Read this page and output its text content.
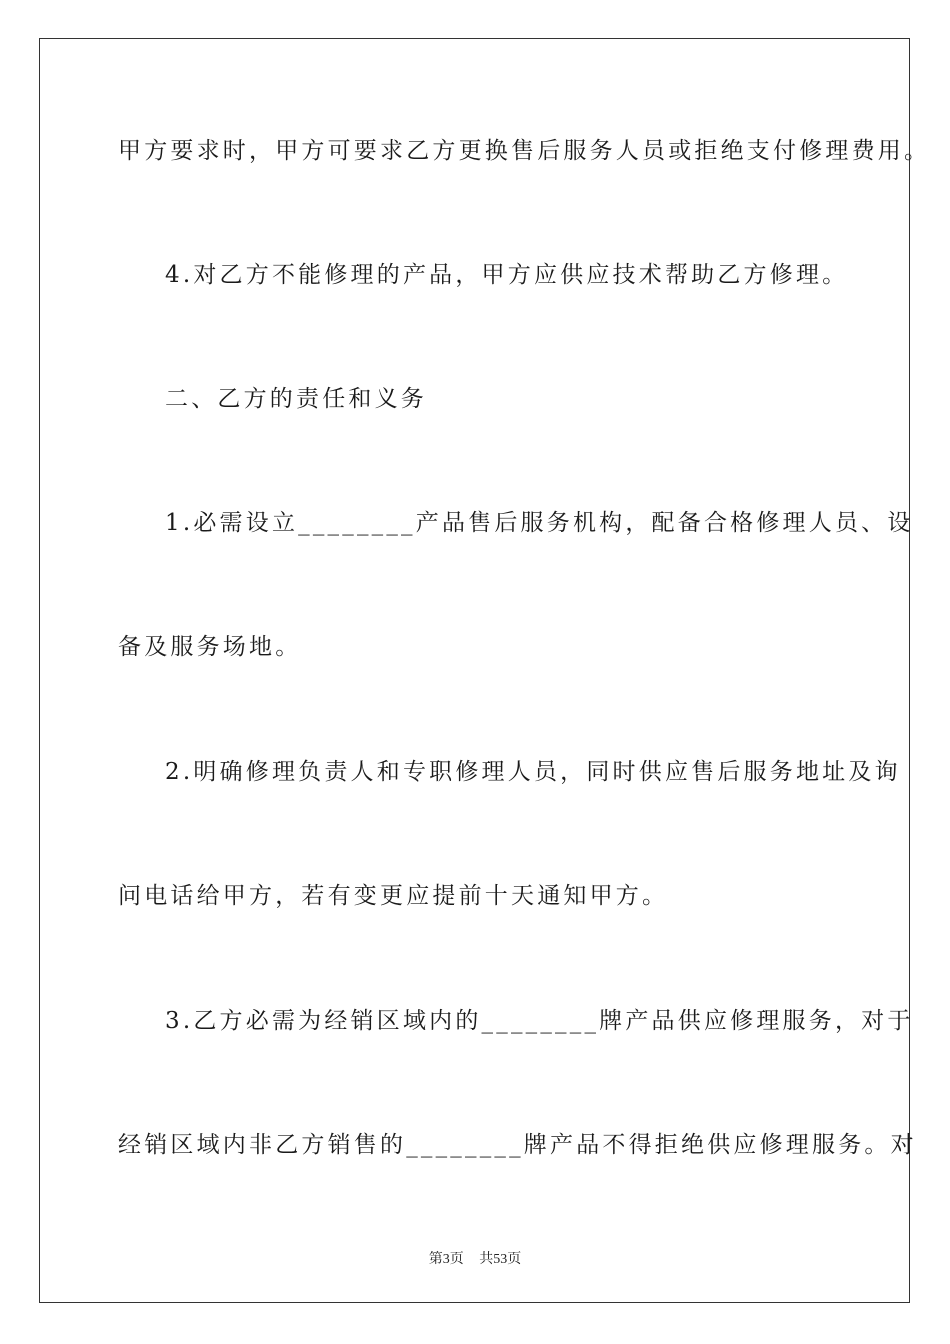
甲方要求时，甲方可要求乙方更换售后服务人员或拒绝支付修理费用。
4.对乙方不能修理的产品，甲方应供应技术帮助乙方修理。
二、乙方的责任和义务
1.必需设立________产品售后服务机构，配备合格修理人员、设
备及服务场地。
2.明确修理负责人和专职修理人员，同时供应售后服务地址及询
问电话给甲方，若有变更应提前十天通知甲方。
3.乙方必需为经销区域内的________牌产品供应修理服务，对于
经销区域内非乙方销售的________牌产品不得拒绝供应修理服务。对
第3页 共53页
